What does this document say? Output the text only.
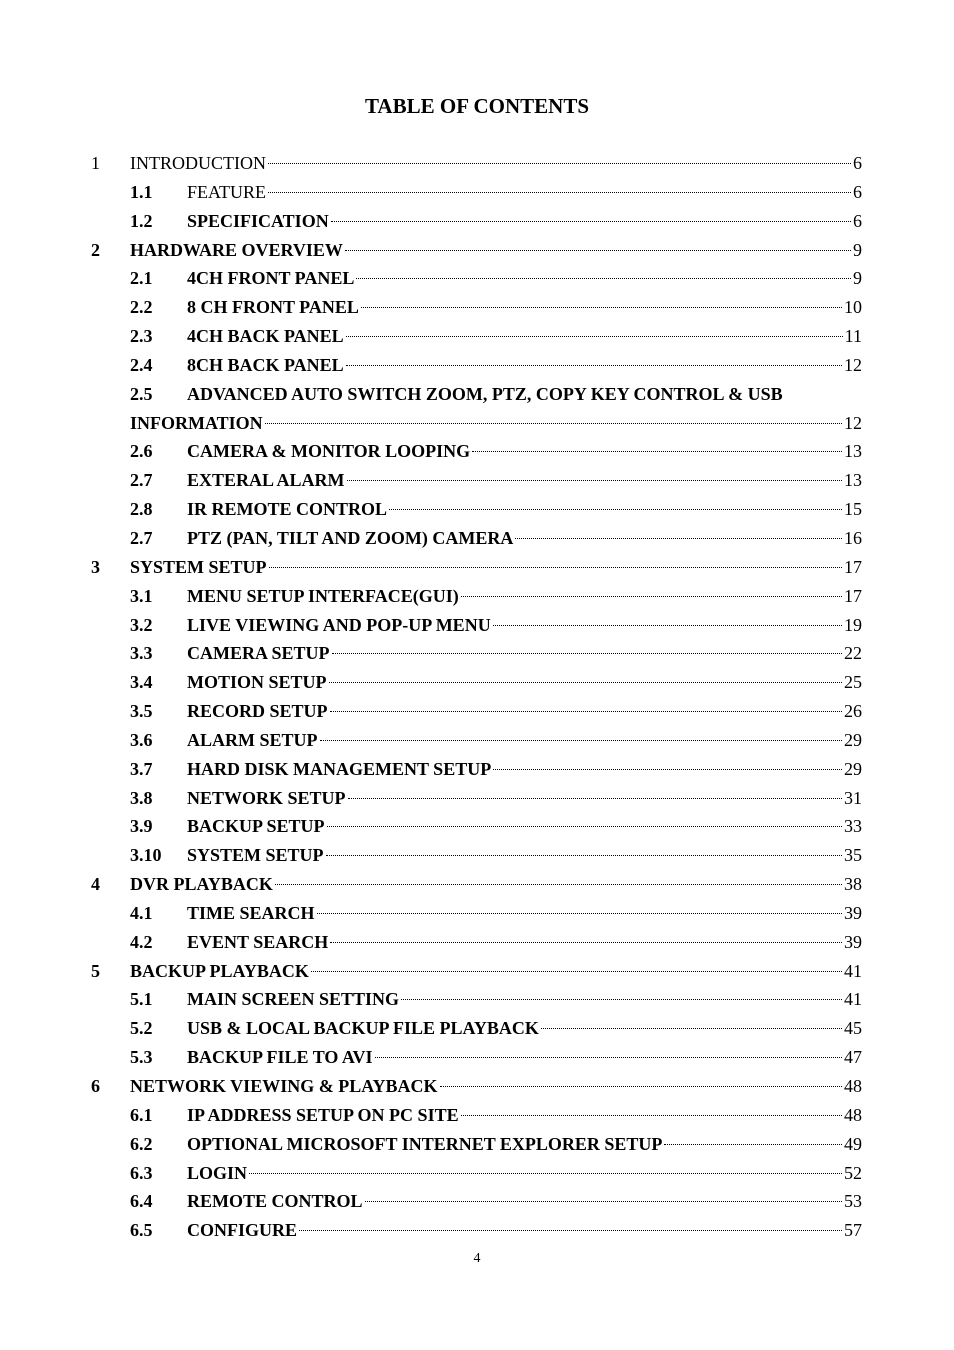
TABLE OF CONTENTS
1 INTRODUCTION	6
1.1 FEATURE	6
1.2 SPECIFICATION	6
2 HARDWARE OVERVIEW	9
2.1 4CH FRONT PANEL	9
2.2 8 CH FRONT PANEL	10
2.3 4CH BACK PANEL	11
2.4 8CH BACK PANEL	12
2.5 ADVANCED AUTO SWITCH ZOOM, PTZ, COPY KEY CONTROL & USB
INFORMATION	12
2.6 CAMERA & MONITOR LOOPING	13
2.7 EXTERAL ALARM	13
2.8 IR REMOTE CONTROL	15
2.7 PTZ (PAN, TILT AND ZOOM) CAMERA	16
3 SYSTEM SETUP	17
3.1 MENU SETUP INTERFACE(GUI)	17
3.2 LIVE VIEWING AND POP-UP MENU	19
3.3 CAMERA SETUP	22
3.4 MOTION SETUP	25
3.5 RECORD SETUP	26
3.6 ALARM SETUP	29
3.7 HARD DISK MANAGEMENT SETUP	29
3.8 NETWORK SETUP	31
3.9 BACKUP SETUP	33
3.10 SYSTEM SETUP	35
4 DVR PLAYBACK	38
4.1 TIME SEARCH	39
4.2 EVENT SEARCH	39
5 BACKUP PLAYBACK	41
5.1 MAIN SCREEN SETTING	41
5.2 USB & LOCAL BACKUP FILE PLAYBACK	45
5.3 BACKUP FILE TO AVI	47
6 NETWORK VIEWING & PLAYBACK	48
6.1 IP ADDRESS SETUP ON PC SITE	48
6.2 OPTIONAL MICROSOFT INTERNET EXPLORER SETUP	49
6.3 LOGIN	52
6.4 REMOTE CONTROL	53
6.5 CONFIGURE	57
4
